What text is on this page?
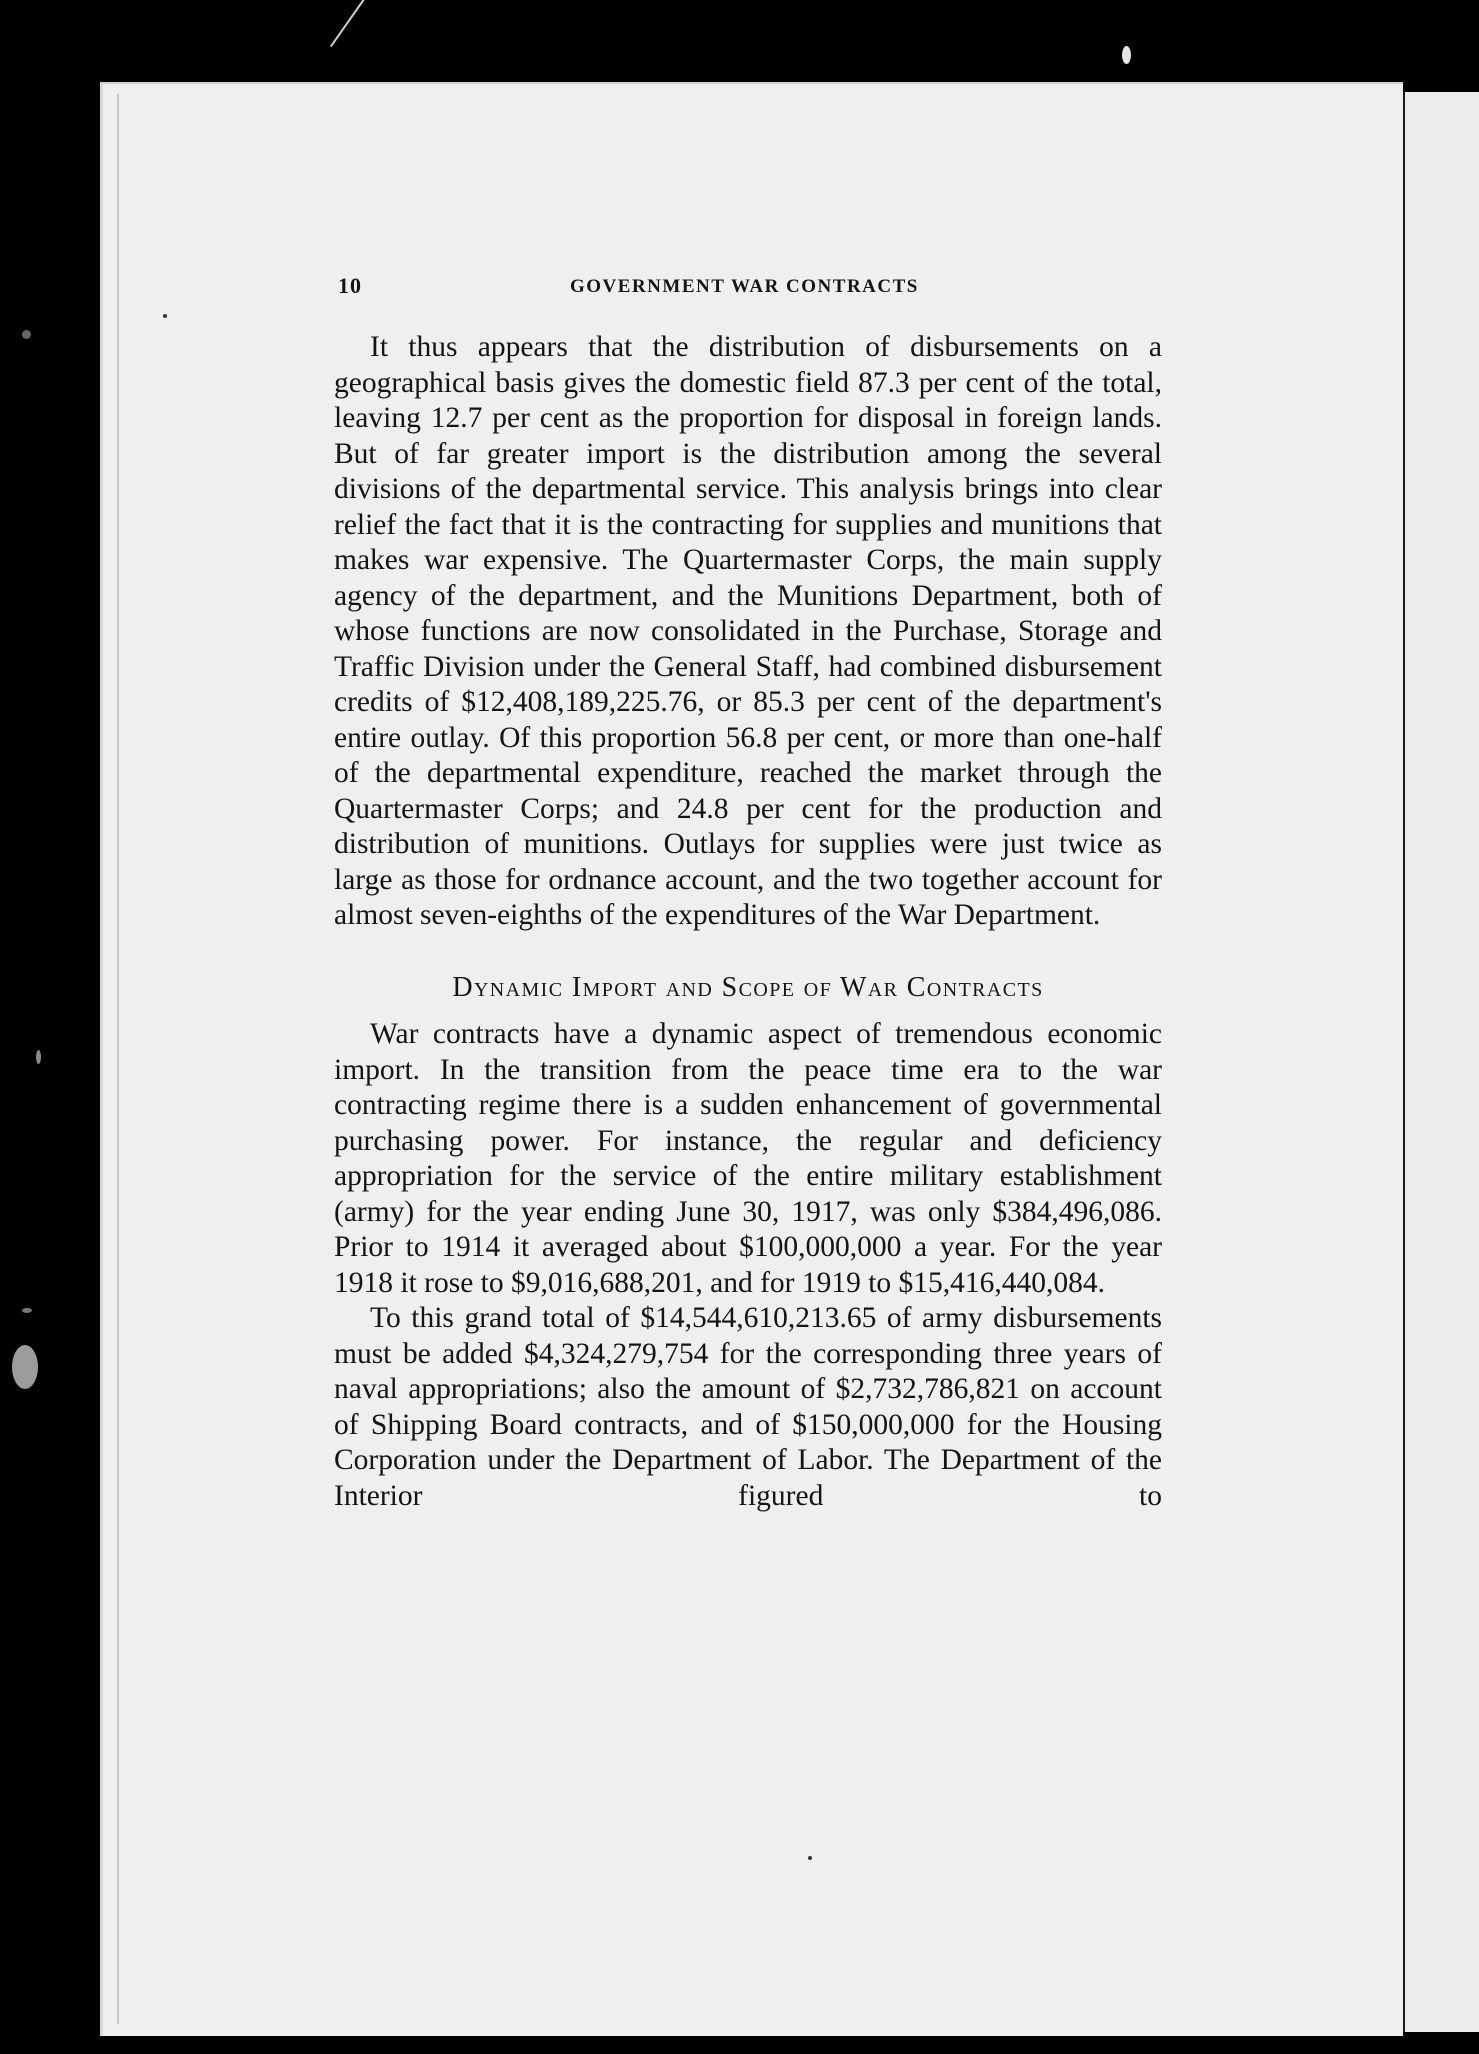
10	GOVERNMENT WAR CONTRACTS

It thus appears that the distribution of disbursements on a geographical basis gives the domestic field 87.3 per cent of the total, leaving 12.7 per cent as the proportion for disposal in foreign lands. But of far greater import is the distribution among the several divisions of the departmental service. This analysis brings into clear relief the fact that it is the contracting for supplies and munitions that makes war expensive. The Quartermaster Corps, the main supply agency of the department, and the Munitions Department, both of whose functions are now consolidated in the Purchase, Storage and Traffic Division under the General Staff, had combined disbursement credits of $12,408,189,225.76, or 85.3 per cent of the department's entire outlay. Of this proportion 56.8 per cent, or more than one-half of the departmental expenditure, reached the market through the Quartermaster Corps; and 24.8 per cent for the production and distribution of munitions. Outlays for supplies were just twice as large as those for ordnance account, and the two together account for almost seven-eighths of the expenditures of the War Department.

Dynamic Import and Scope of War Contracts

War contracts have a dynamic aspect of tremendous economic import. In the transition from the peace time era to the war contracting regime there is a sudden enhancement of governmental purchasing power. For instance, the regular and deficiency appropriation for the service of the entire military establishment (army) for the year ending June 30, 1917, was only $384,496,086. Prior to 1914 it averaged about $100,000,000 a year. For the year 1918 it rose to $9,016,688,201, and for 1919 to $15,416,440,084.

To this grand total of $14,544,610,213.65 of army disbursements must be added $4,324,279,754 for the corresponding three years of naval appropriations; also the amount of $2,732,786,821 on account of Shipping Board contracts, and of $150,000,000 for the Housing Corporation under the Department of Labor. The Department of the Interior figured to
